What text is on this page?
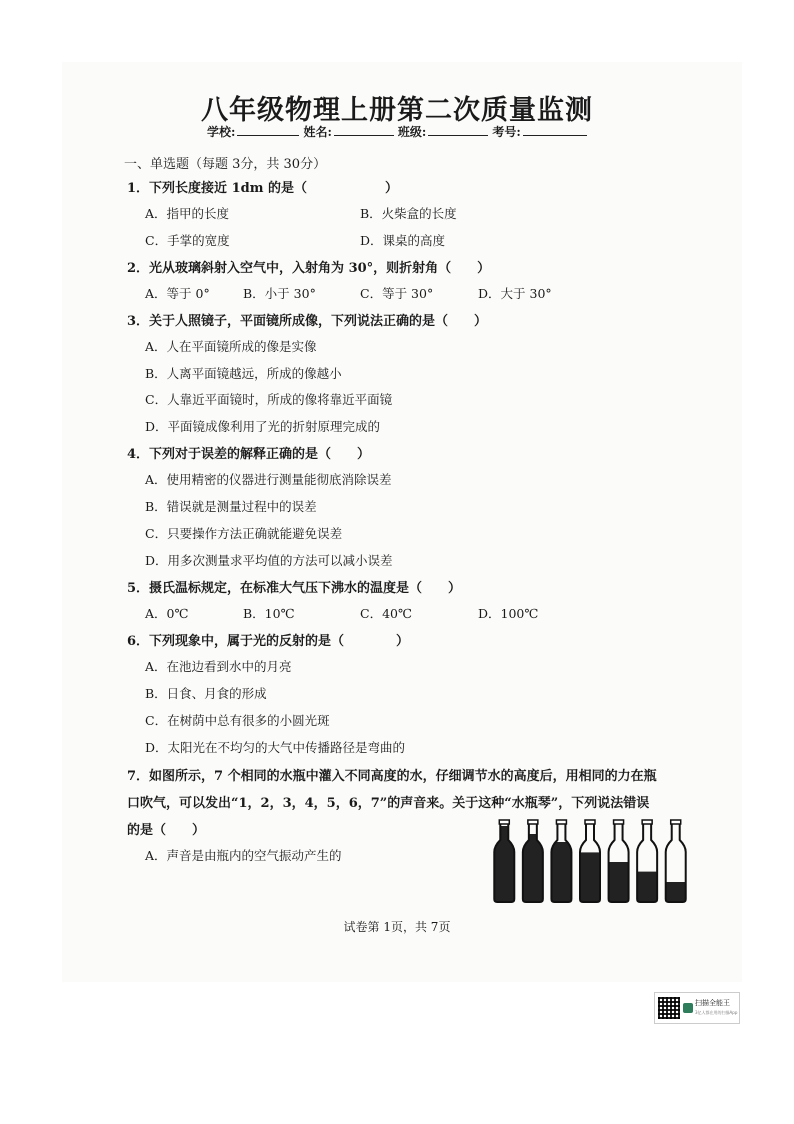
八年级物理上册第二次质量监测
学校:	姓名:	班级:	考号:
一、单选题（每题 3分，共 30分）
1．下列长度接近 1dm 的是（　　　　　　）
A．指甲的长度	B．火柴盒的长度
C．手掌的宽度	D．课桌的高度
2．光从玻璃斜射入空气中，入射角为 30°，则折射角（　　）
A．等于 0°	B．小于 30°	C．等于 30°	D．大于 30°
3．关于人照镜子，平面镜所成像，下列说法正确的是（　　）
A．人在平面镜所成的像是实像
B．人离平面镜越远，所成的像越小
C．人靠近平面镜时，所成的像将靠近平面镜
D．平面镜成像利用了光的折射原理完成的
4．下列对于误差的解释正确的是（　　）
A．使用精密的仪器进行测量能彻底消除误差
B．错误就是测量过程中的误差
C．只要操作方法正确就能避免误差
D．用多次测量求平均值的方法可以减小误差
5．摄氏温标规定，在标准大气压下沸水的温度是（　　）
A．0℃	B．10℃	C．40℃	D．100℃
6．下列现象中，属于光的反射的是（　　　　）
A．在池边看到水中的月亮
B．日食、月食的形成
C．在树荫中总有很多的小圆光斑
D．太阳光在不均匀的大气中传播路径是弯曲的
7．如图所示，7 个相同的水瓶中灌入不同高度的水，仔细调节水的高度后，用相同的力在瓶
口吹气，可以发出“1，2，3，4，5，6，7”的声音来。关于这种“水瓶琴”，下列说法错误
的是（　　）
A．声音是由瓶内的空气振动产生的
试卷第 1页，共 7页
扫描全能王
3亿人都在用的扫描App
